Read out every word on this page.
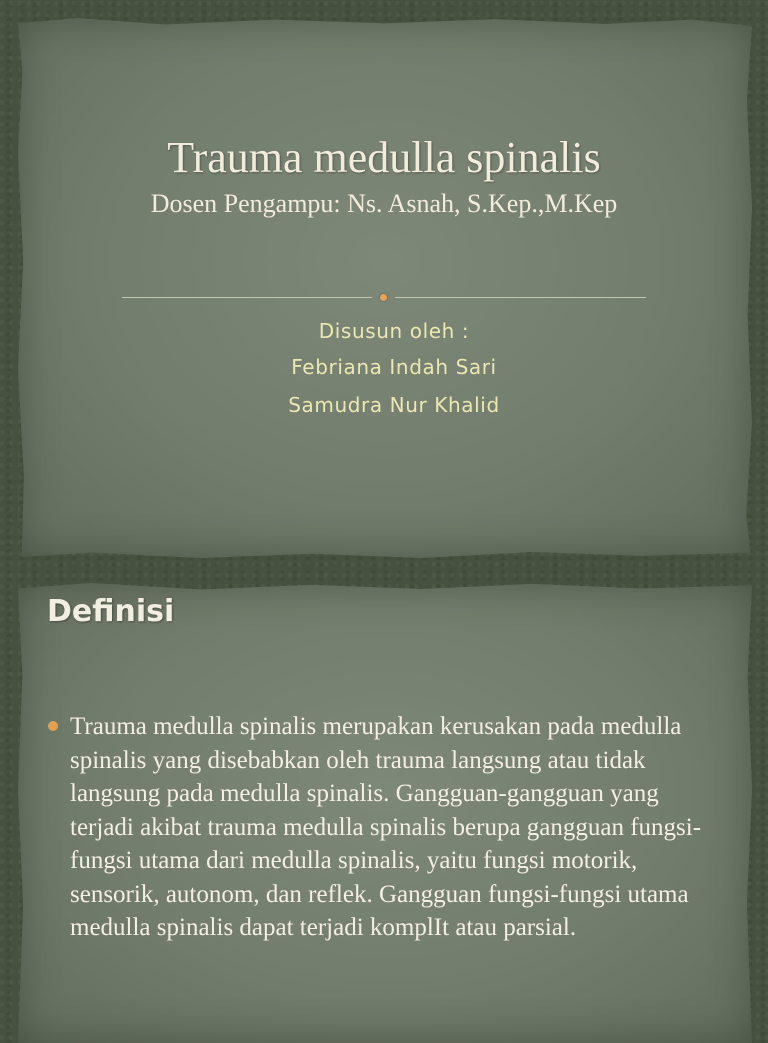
Trauma medulla spinalis
Dosen Pengampu: Ns. Asnah, S.Kep.,M.Kep
Disusun oleh :
Febriana Indah Sari
Samudra Nur Khalid
Definisi
Trauma medulla spinalis merupakan kerusakan pada medulla spinalis yang disebabkan oleh trauma langsung atau tidak langsung pada medulla spinalis. Gangguan-gangguan yang terjadi akibat trauma medulla spinalis berupa gangguan fungsi-fungsi utama dari medulla spinalis, yaitu fungsi motorik, sensorik, autonom, dan reflek. Gangguan fungsi-fungsi utama medulla spinalis dapat terjadi komplIt atau parsial.
